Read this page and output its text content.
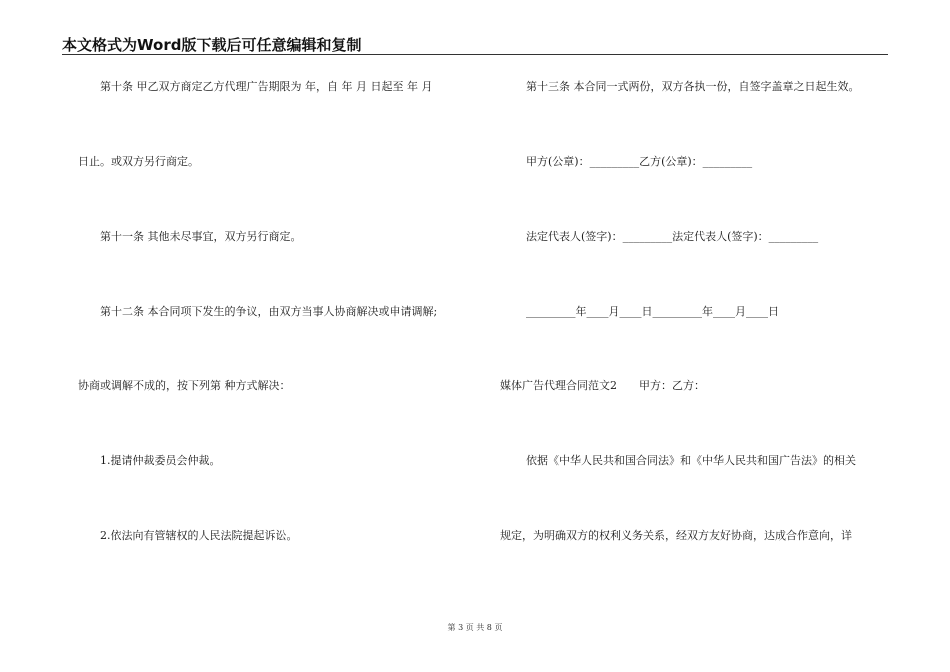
本文格式为Word版下载后可任意编辑和复制
第十条 甲乙双方商定乙方代理广告期限为 年，自 年 月 日起至 年 月
日止。或双方另行商定。
第十一条 其他未尽事宜，双方另行商定。
第十二条 本合同项下发生的争议，由双方当事人协商解决或申请调解;
协商或调解不成的，按下列第 种方式解决：
1.提请仲裁委员会仲裁。
2.依法向有管辖权的人民法院提起诉讼。
第十三条 本合同一式两份，双方各执一份，自签字盖章之日起生效。
甲方(公章)：_________乙方(公章)：_________
法定代表人(签字)：_________法定代表人(签字)：_________
_________年____月____日_________年____月____日
媒体广告代理合同范文2　　甲方：乙方：
依据《中华人民共和国合同法》和《中华人民共和国广告法》的相关
规定，为明确双方的权利义务关系，经双方友好协商，达成合作意向，详
第 3 页 共 8 页
